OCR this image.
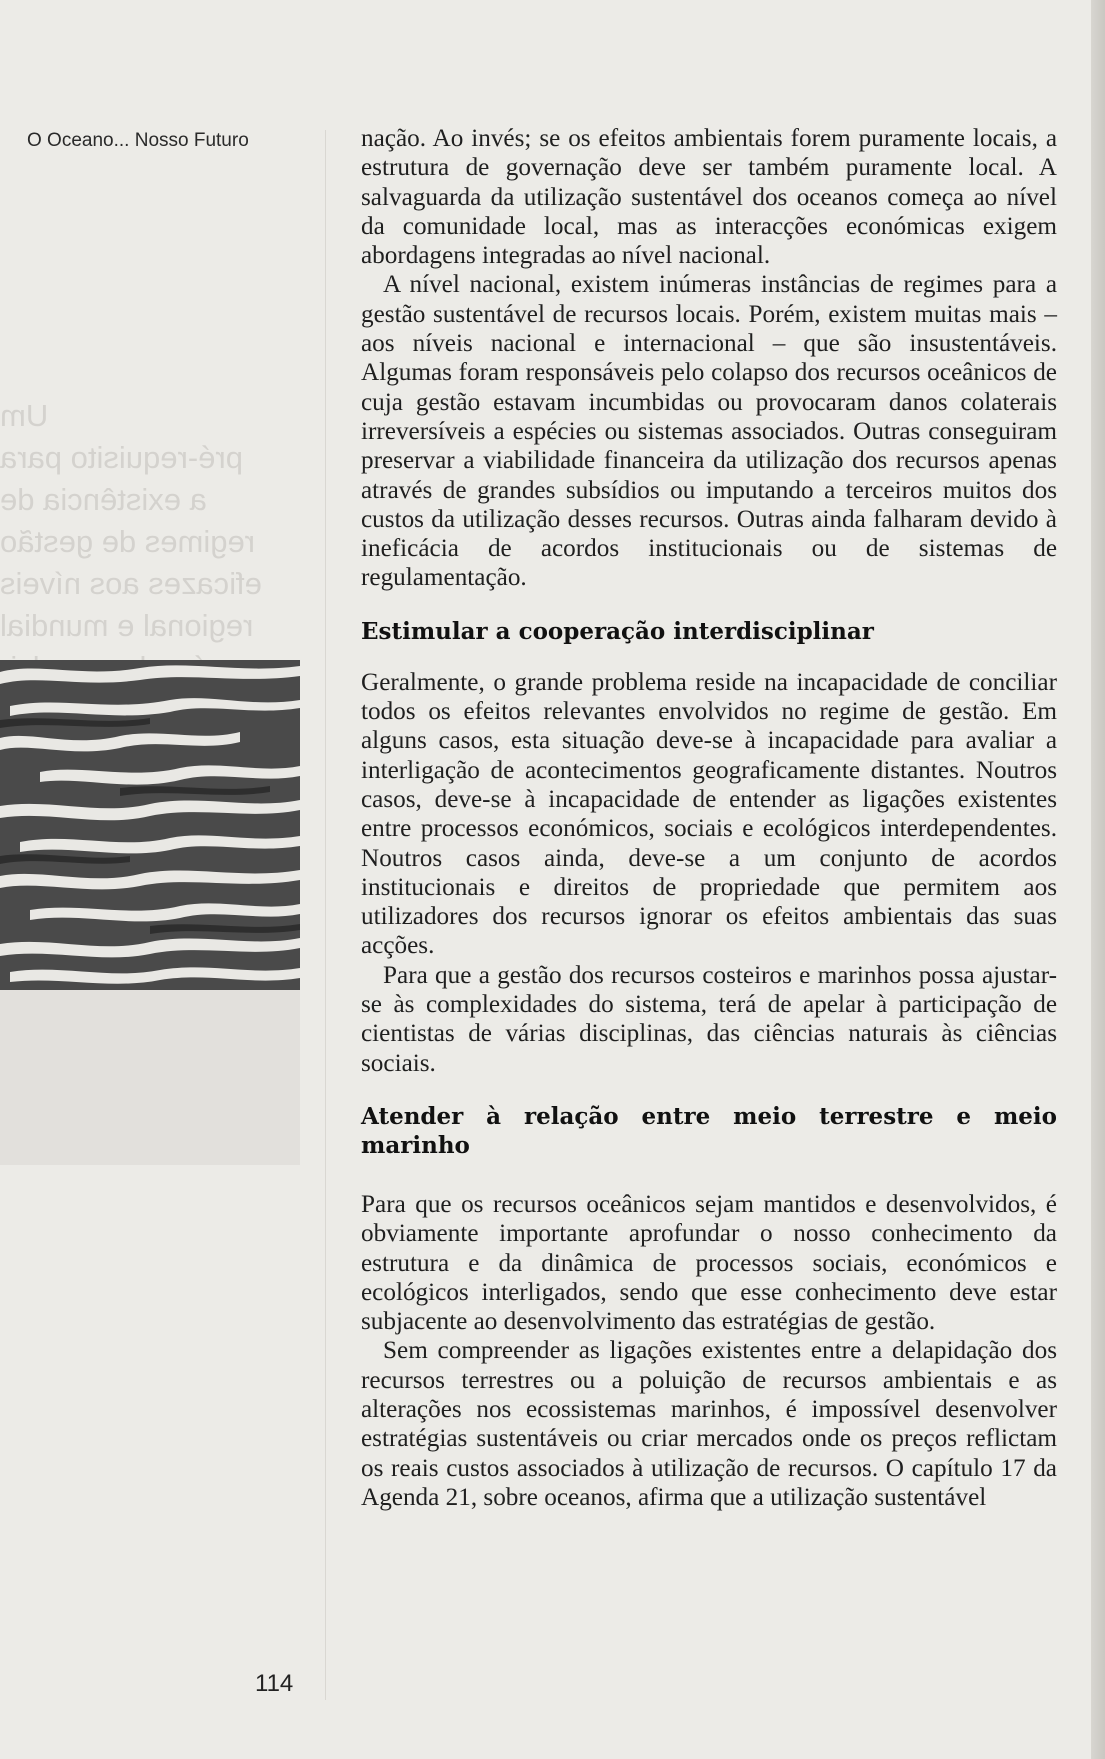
O Oceano... Nosso Futuro
Um
pré-requisito para
a existência de
regimes de gestão
eficazes aos níveis
regional e mundial
114

nação. Ao invés; se os efeitos ambientais forem puramente locais, a estrutura de governação deve ser também puramente local. A salvaguarda da utilização sustentável dos oceanos começa ao nível da comunidade local, mas as interacções económicas exigem abordagens integradas ao nível nacional.

A nível nacional, existem inúmeras instâncias de regimes para a gestão sustentável de recursos locais. Porém, existem muitas mais – aos níveis nacional e internacional – que são insustentáveis. Algumas foram responsáveis pelo colapso dos recursos oceânicos de cuja gestão estavam incumbidas ou provocaram danos colaterais irreversíveis a espécies ou sistemas associados. Outras conseguiram preservar a viabilidade financeira da utilização dos recursos apenas através de grandes subsídios ou imputando a terceiros muitos dos custos da utilização desses recursos. Outras ainda falharam devido à ineficácia de acordos institucionais ou de sistemas de regulamentação.

Estimular a cooperação interdisciplinar

Geralmente, o grande problema reside na incapacidade de conciliar todos os efeitos relevantes envolvidos no regime de gestão. Em alguns casos, esta situação deve-se à incapacidade para avaliar a interligação de acontecimentos geograficamente distantes. Noutros casos, deve-se à incapacidade de entender as ligações existentes entre processos económicos, sociais e ecológicos interdependentes. Noutros casos ainda, deve-se a um conjunto de acordos institucionais e direitos de propriedade que permitem aos utilizadores dos recursos ignorar os efeitos ambientais das suas acções.

Para que a gestão dos recursos costeiros e marinhos possa ajustar-se às complexidades do sistema, terá de apelar à participação de cientistas de várias disciplinas, das ciências naturais às ciências sociais.

Atender à relação entre meio terrestre e meio marinho

Para que os recursos oceânicos sejam mantidos e desenvolvidos, é obviamente importante aprofundar o nosso conhecimento da estrutura e da dinâmica de processos sociais, económicos e ecológicos interligados, sendo que esse conhecimento deve estar subjacente ao desenvolvimento das estratégias de gestão.

Sem compreender as ligações existentes entre a delapidação dos recursos terrestres ou a poluição de recursos ambientais e as alterações nos ecossistemas marinhos, é impossível desenvolver estratégias sustentáveis ou criar mercados onde os preços reflictam os reais custos associados à utilização de recursos. O capítulo 17 da Agenda 21, sobre oceanos, afirma que a utilização sustentável
